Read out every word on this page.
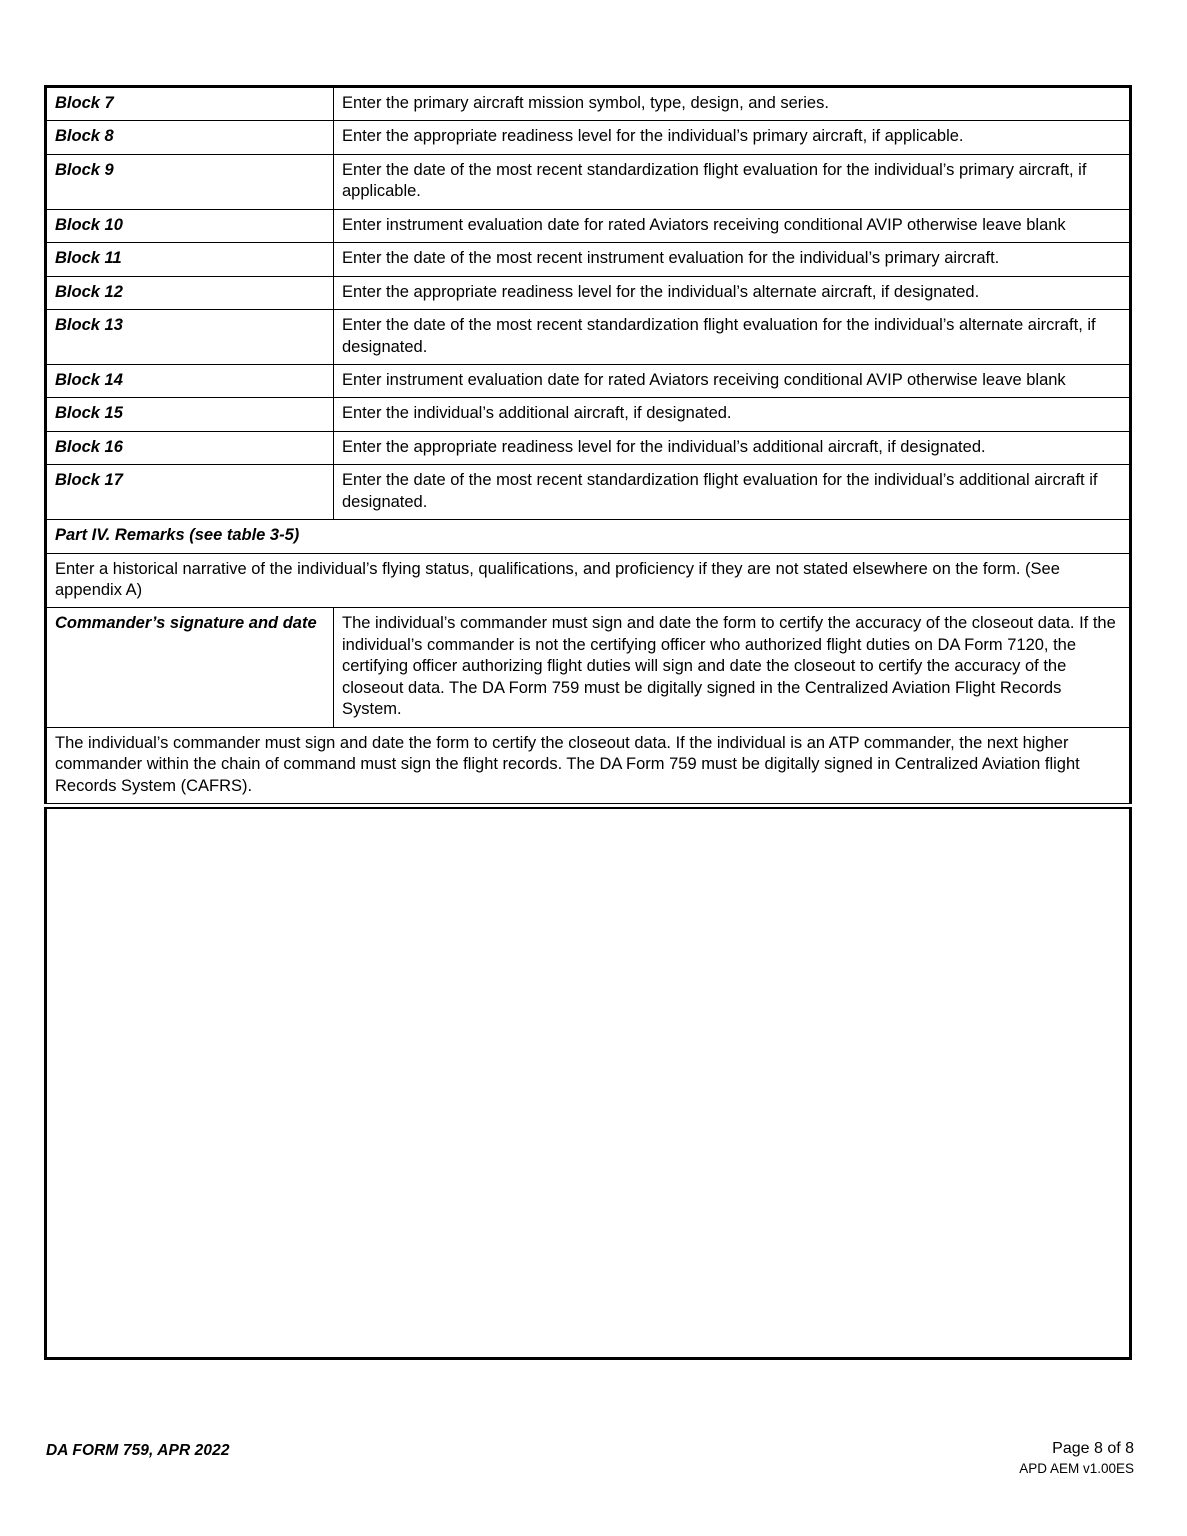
Block 7	Enter the primary aircraft mission symbol, type, design, and series.
Block 8	Enter the appropriate readiness level for the individual’s primary aircraft, if applicable.
Block 9	Enter the date of the most recent standardization flight evaluation for the individual’s primary aircraft, if applicable.
Block 10	Enter instrument evaluation date for rated Aviators receiving conditional AVIP otherwise leave blank
Block 11	Enter the date of the most recent instrument evaluation for the individual’s primary aircraft.
Block 12	Enter the appropriate readiness level for the individual’s alternate aircraft, if designated.
Block 13	Enter the date of the most recent standardization flight evaluation for the individual’s alternate aircraft, if designated.
Block 14	Enter instrument evaluation date for rated Aviators receiving conditional AVIP otherwise leave blank
Block 15	Enter the individual’s additional aircraft, if designated.
Block 16	Enter the appropriate readiness level for the individual’s additional aircraft, if designated.
Block 17	Enter the date of the most recent standardization flight evaluation for the individual’s additional aircraft if designated.
Part IV. Remarks (see table 3-5)	
Enter a historical narrative of the individual’s flying status, qualifications, and proficiency if they are not stated elsewhere on the form. (See appendix A)	
Commander’s signature and date	The individual’s commander must sign and date the form to certify the accuracy of the closeout data. If the individual’s commander is not the certifying officer who authorized flight duties on DA Form 7120, the certifying officer authorizing flight duties will sign and date the closeout to certify the accuracy of the closeout data. The DA Form 759 must be digitally signed in the Centralized Aviation Flight Records System.
The individual’s commander must sign and date the form to certify the closeout data. If the individual is an ATP commander, the next higher commander within the chain of command must sign the flight records. The DA Form 759 must be digitally signed in Centralized Aviation flight Records System (CAFRS).	
DA FORM 759, APR 2022	Page 8 of 8
APD AEM v1.00ES
